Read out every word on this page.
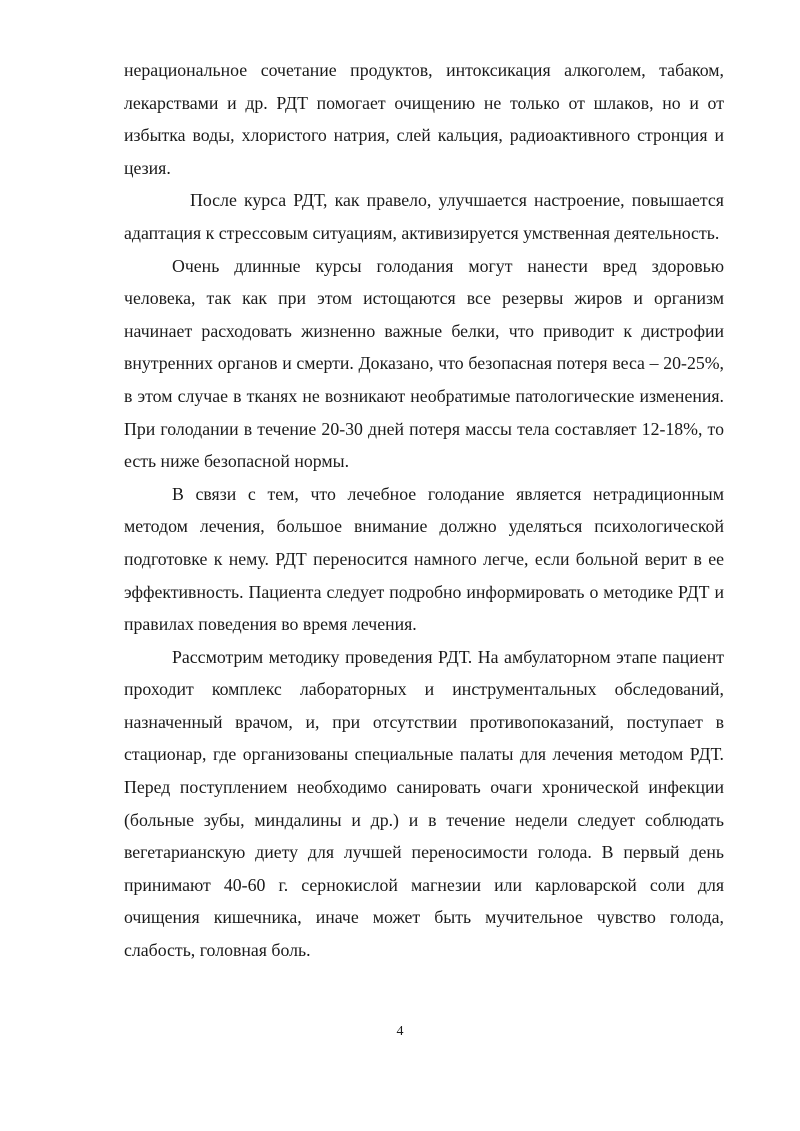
нерациональное сочетание продуктов, интоксикация алкоголем, табаком, лекарствами и др. РДТ помогает очищению не только от шлаков, но и от избытка воды, хлористого натрия, слей кальция, радиоактивного стронция и цезия.

После курса РДТ, как правело, улучшается настроение, повышается адаптация к стрессовым ситуациям, активизируется умственная деятельность.

Очень длинные курсы голодания могут нанести вред здоровью человека, так как при этом истощаются все резервы жиров и организм начинает расходовать жизненно важные белки, что приводит к дистрофии внутренних органов и смерти. Доказано, что безопасная потеря веса – 20-25%, в этом случае в тканях не возникают необратимые патологические изменения. При голодании в течение 20-30 дней потеря массы тела составляет 12-18%, то есть ниже безопасной нормы.

В связи с тем, что лечебное голодание является нетрадиционным методом лечения, большое внимание должно уделяться психологической подготовке к нему. РДТ переносится намного легче, если больной верит в ее эффективность. Пациента следует подробно информировать о методике РДТ и правилах поведения во время лечения.

Рассмотрим методику проведения РДТ. На амбулаторном этапе пациент проходит комплекс лабораторных и инструментальных обследований, назначенный врачом, и, при отсутствии противопоказаний, поступает в стационар, где организованы специальные палаты для лечения методом РДТ. Перед поступлением необходимо санировать очаги хронической инфекции (больные зубы, миндалины и др.) и в течение недели следует соблюдать вегетарианскую диету для лучшей переносимости голода. В первый день принимают 40-60 г. сернокислой магнезии или карловарской соли для очищения кишечника, иначе может быть мучительное чувство голода, слабость, головная боль.

4
